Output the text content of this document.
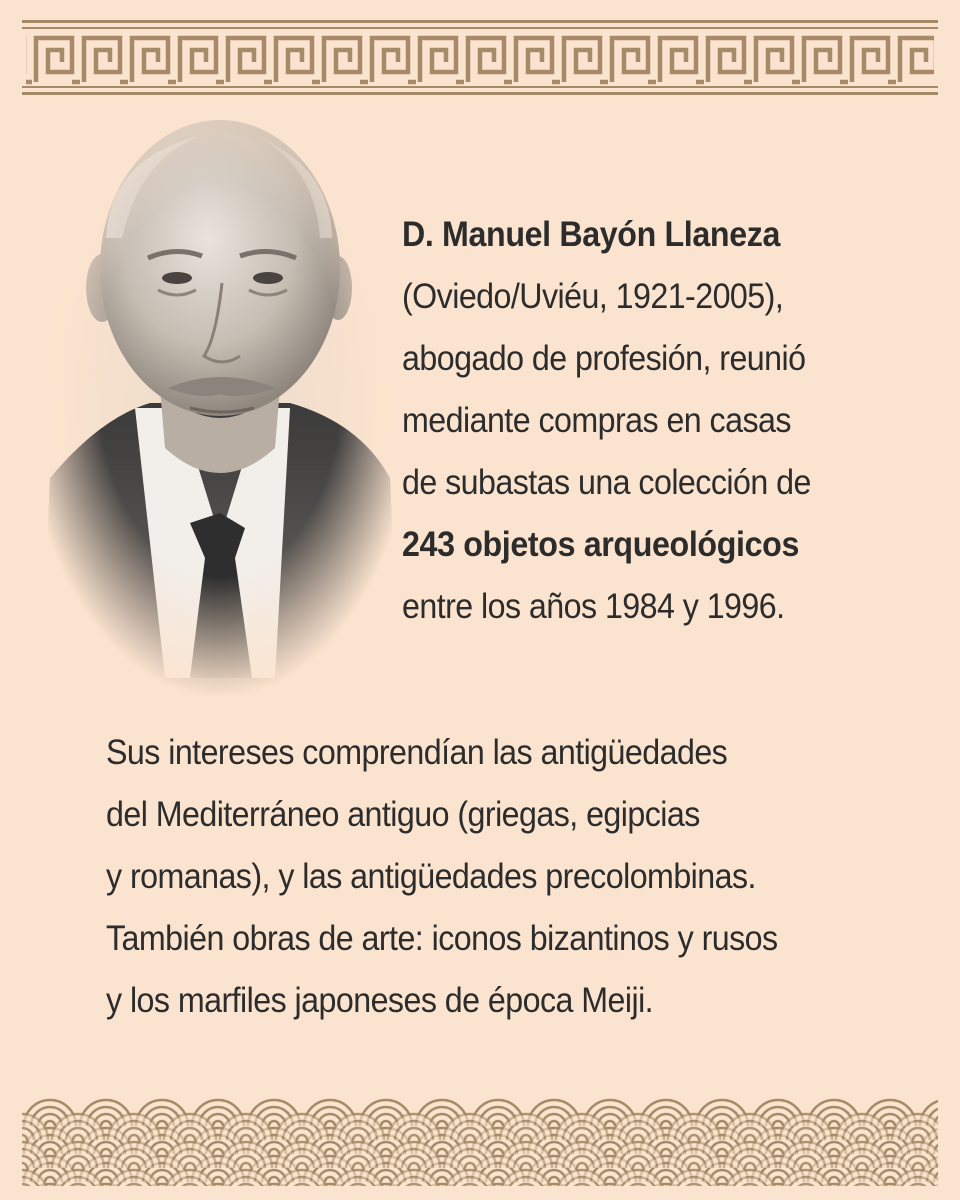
D. Manuel Bayón Llaneza
(Oviedo/Uviéu, 1921-2005),
abogado de profesión, reunió
mediante compras en casas
de subastas una colección de
243 objetos arqueológicos
entre los años 1984 y 1996.
Sus intereses comprendían las antigüedades
del Mediterráneo antiguo (griegas, egipcias
y romanas), y las antigüedades precolombinas.
También obras de arte: iconos bizantinos y rusos
y los marfiles japoneses de época Meiji.
